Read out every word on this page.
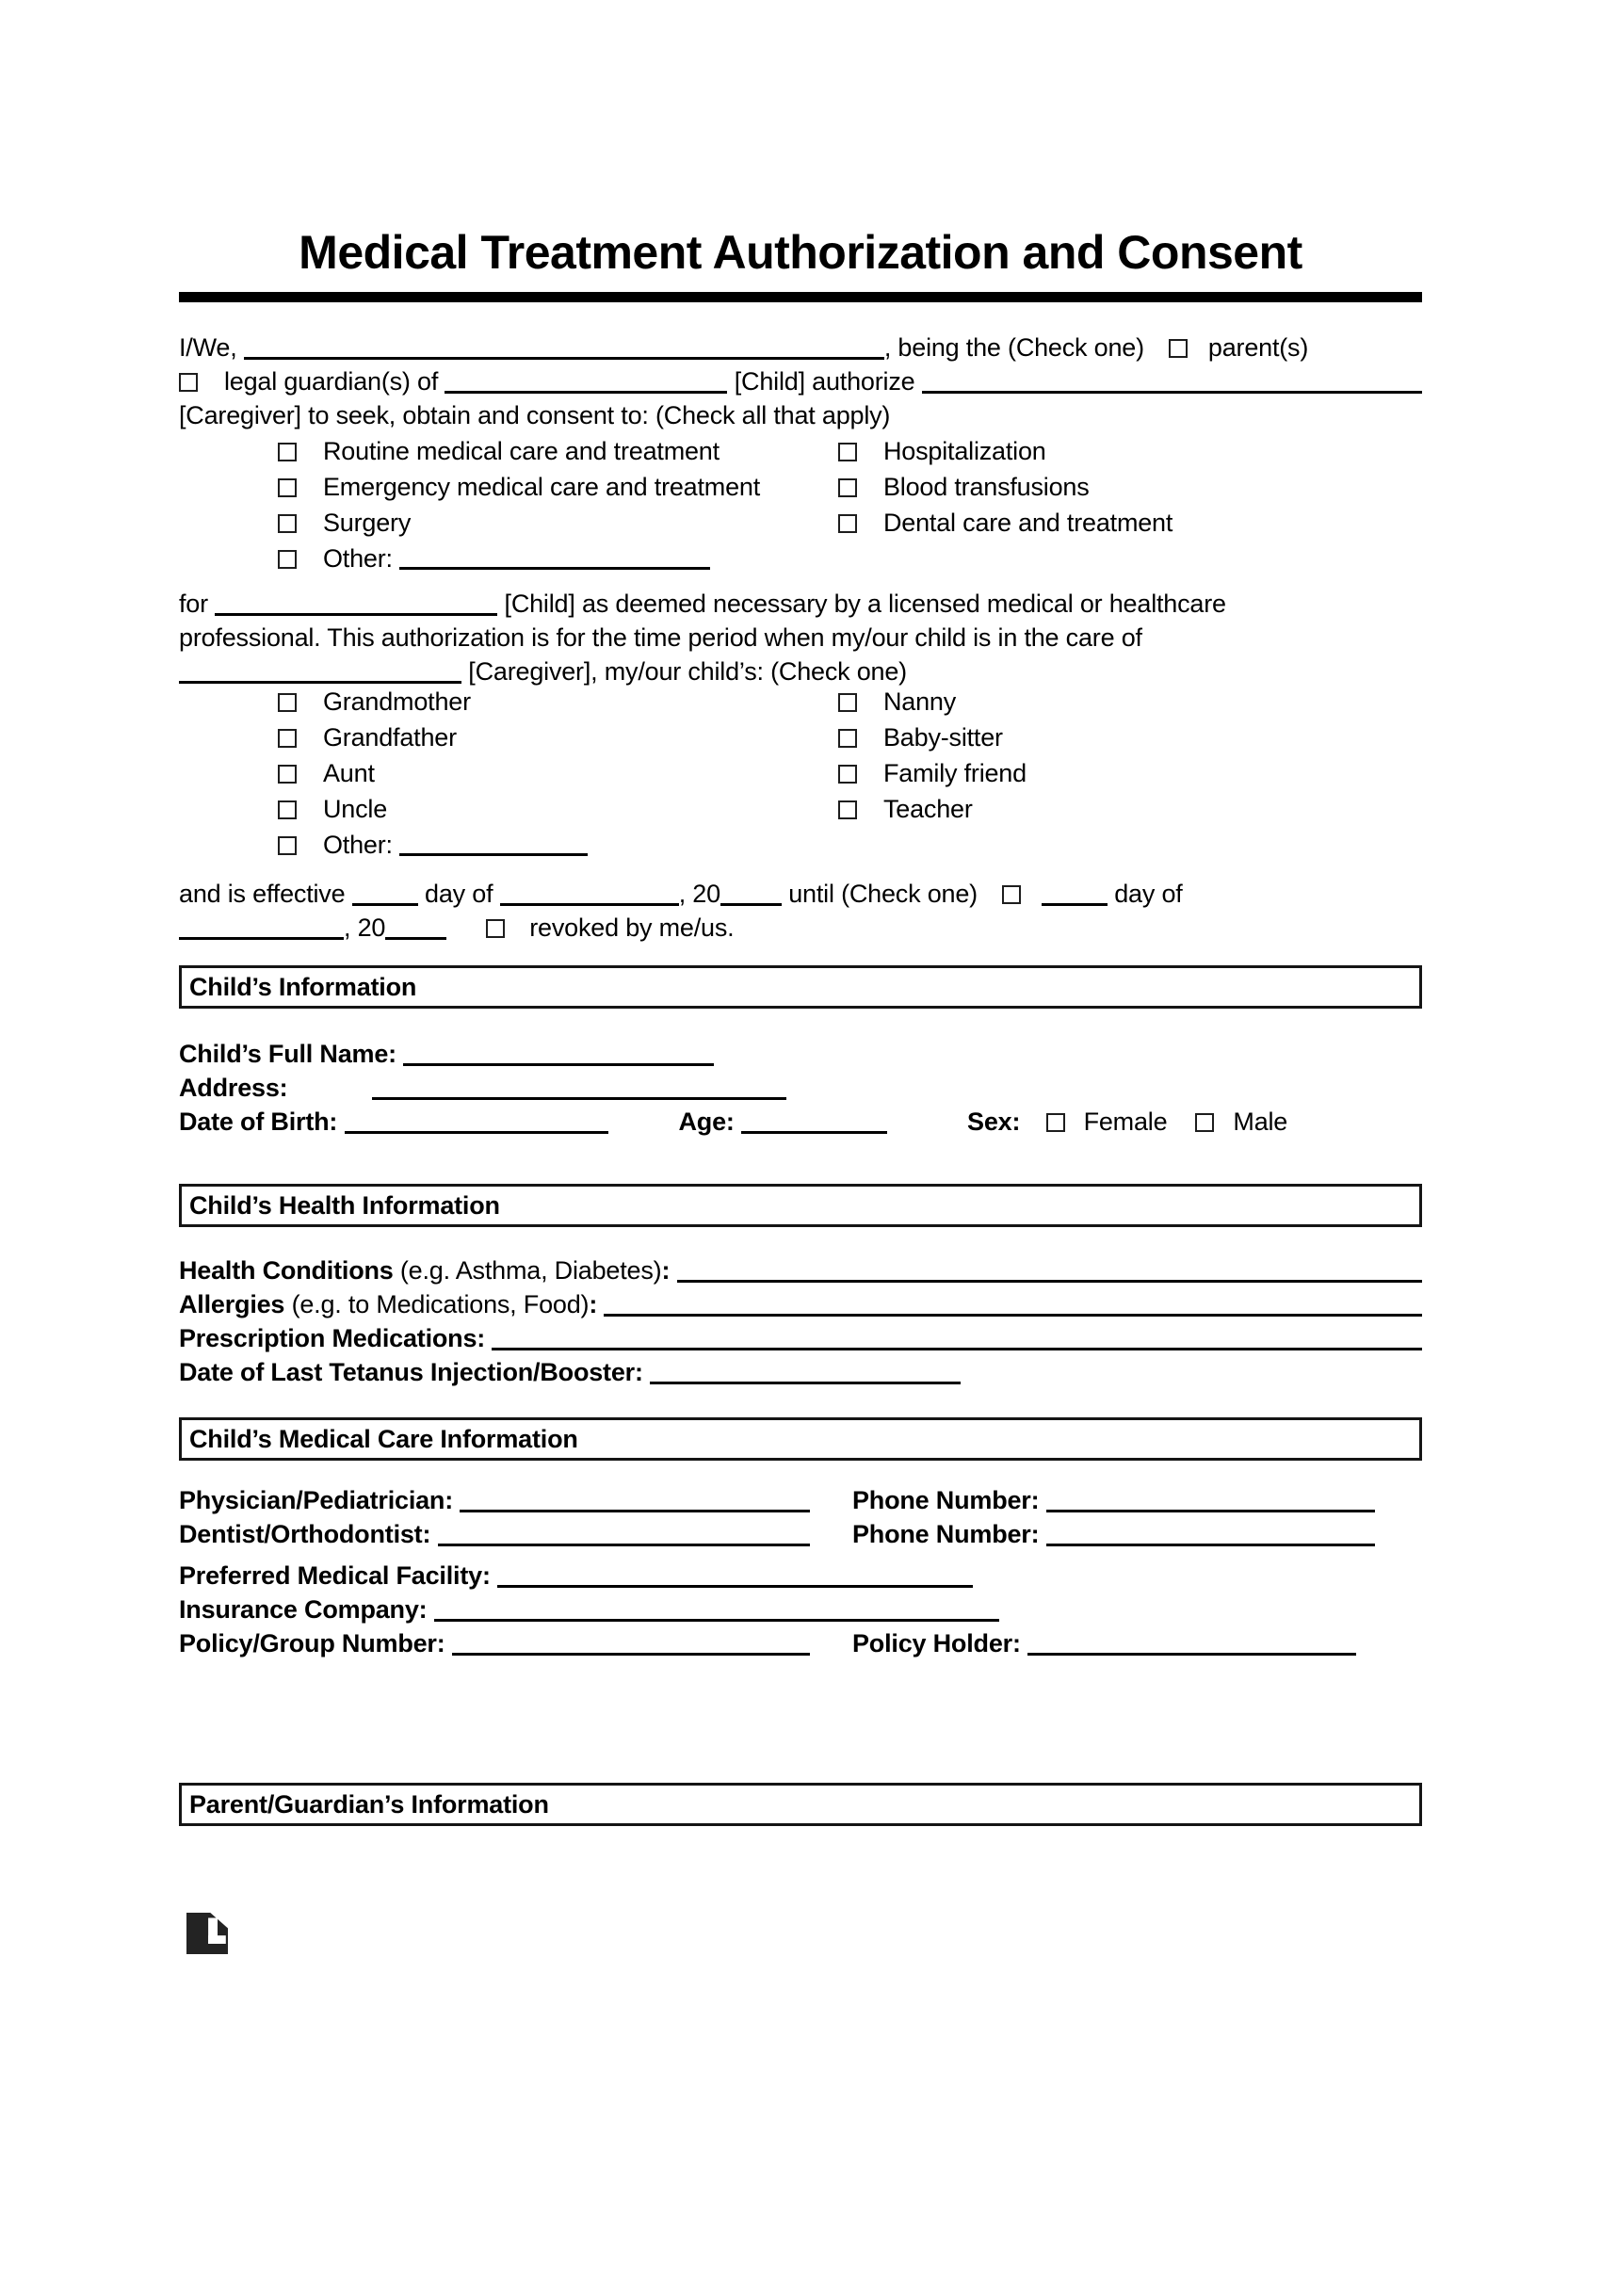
Medical Treatment Authorization and Consent
I/We,	, being the (Check one)	parent(s)
legal guardian(s) of	[Child] authorize
[Caregiver] to seek, obtain and consent to: (Check all that apply)
Routine medical care and treatment	Hospitalization
Emergency medical care and treatment	Blood transfusions
Surgery	Dental care and treatment
Other:
for	[Child] as deemed necessary by a licensed medical or healthcare
professional. This authorization is for the time period when my/our child is in the care of
[Caregiver], my/our child’s: (Check one)
Grandmother	Nanny
Grandfather	Baby-sitter
Aunt	Family friend
Uncle	Teacher
Other:
and is effective	day of	, 20 until (Check one)	day of
, 20	revoked by me/us.
Child’s Information
Child’s Full Name:
Address:
Date of Birth:	Age:	Sex: Female	Male
Child’s Health Information
Health Conditions (e.g. Asthma, Diabetes) :
Allergies (e.g. to Medications, Food) :
Prescription Medications:
Date of Last Tetanus Injection/Booster:
Child’s Medical Care Information
Physician/Pediatrician:	Phone Number:
Dentist/Orthodontist:	Phone Number:
Preferred Medical Facility:
Insurance Company:
Policy/Group Number:	Policy Holder:
Parent/Guardian’s Information
